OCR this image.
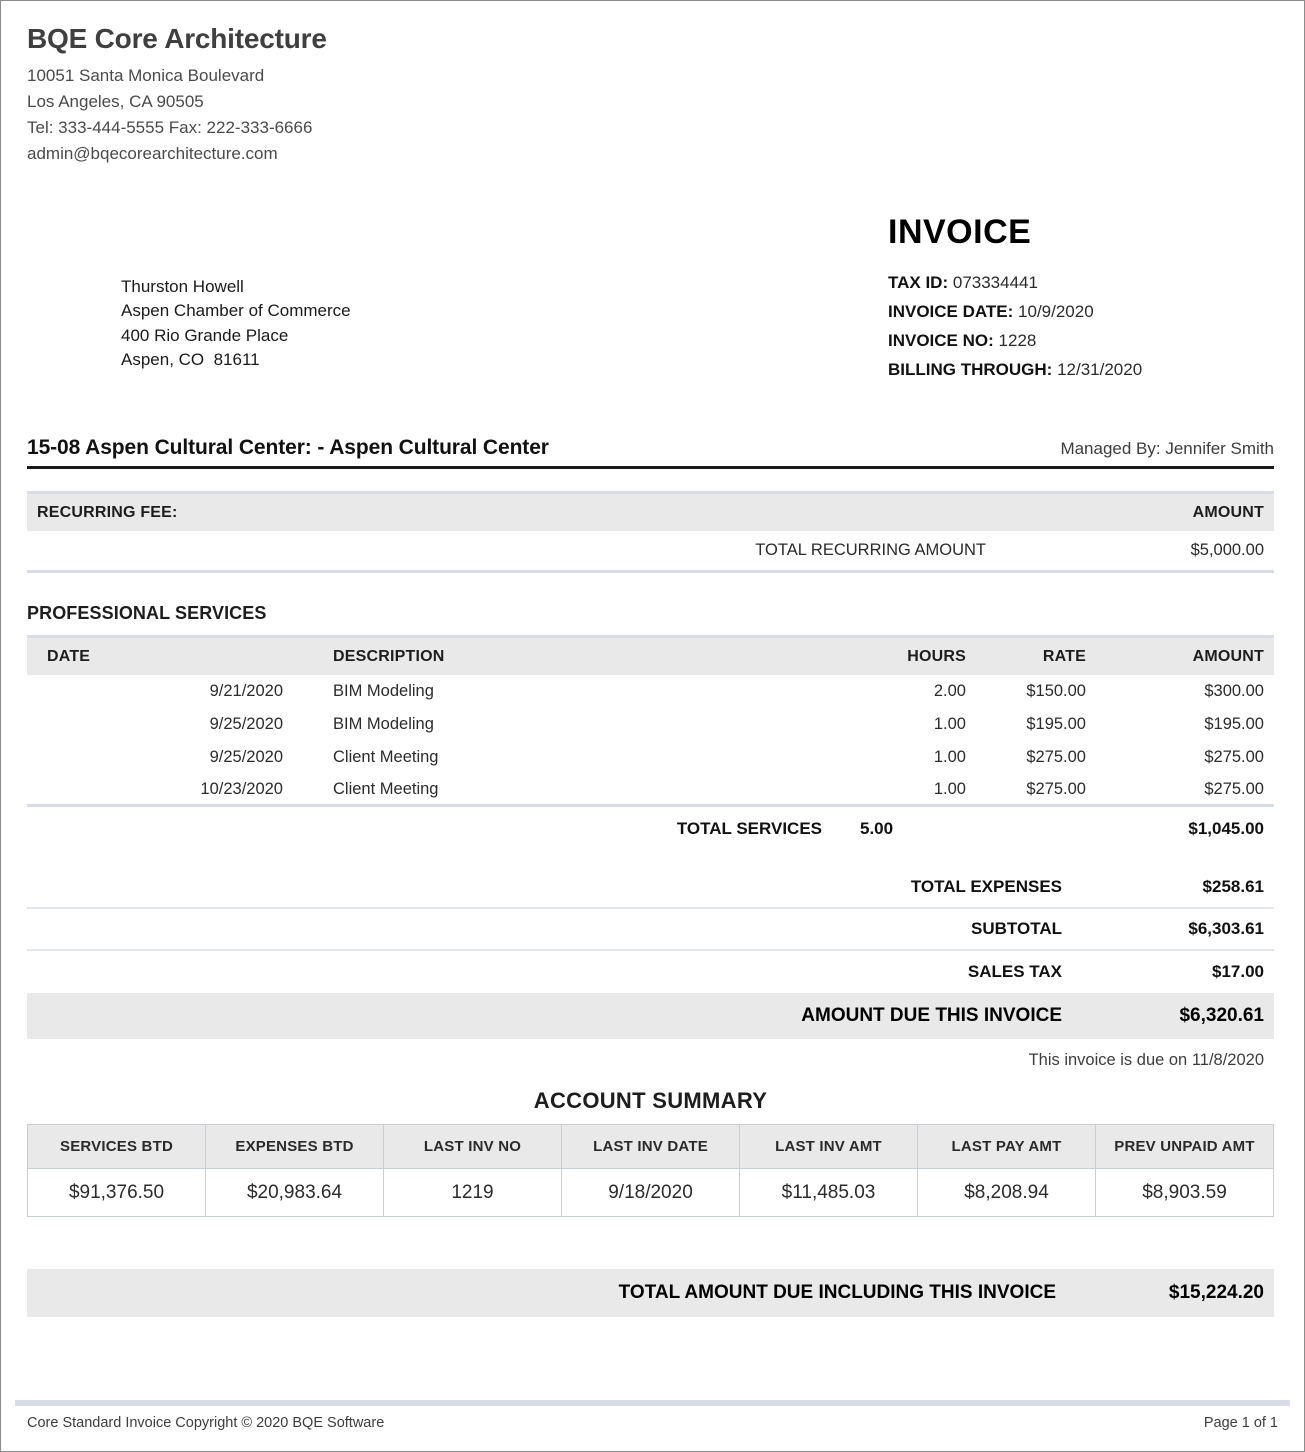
BQE Core Architecture
10051 Santa Monica Boulevard
Los Angeles, CA 90505
Tel: 333-444-5555 Fax: 222-333-6666
admin@bqecorearchitecture.com
Thurston Howell
Aspen Chamber of Commerce
400 Rio Grande Place
Aspen, CO  81611
INVOICE
TAX ID: 073334441
INVOICE DATE: 10/9/2020
INVOICE NO: 1228
BILLING THROUGH: 12/31/2020
15-08 Aspen Cultural Center: - Aspen Cultural Center	Managed By: Jennifer Smith
RECURRING FEE:	AMOUNT
TOTAL RECURRING AMOUNT	$5,000.00
PROFESSIONAL SERVICES
DATE	DESCRIPTION	HOURS	RATE	AMOUNT
9/21/2020	BIM Modeling	2.00	$150.00	$300.00
9/25/2020	BIM Modeling	1.00	$195.00	$195.00
9/25/2020	Client Meeting	1.00	$275.00	$275.00
10/23/2020	Client Meeting	1.00	$275.00	$275.00
TOTAL SERVICES	5.00	$1,045.00
TOTAL EXPENSES	$258.61
SUBTOTAL	$6,303.61
SALES TAX	$17.00
AMOUNT DUE THIS INVOICE	$6,320.61
This invoice is due on 11/8/2020
ACCOUNT SUMMARY
SERVICES BTD	EXPENSES BTD	LAST INV NO	LAST INV DATE	LAST INV AMT	LAST PAY AMT	PREV UNPAID AMT
$91,376.50	$20,983.64	1219	9/18/2020	$11,485.03	$8,208.94	$8,903.59
TOTAL AMOUNT DUE INCLUDING THIS INVOICE	$15,224.20
Core Standard Invoice Copyright © 2020 BQE Software	Page 1 of 1
